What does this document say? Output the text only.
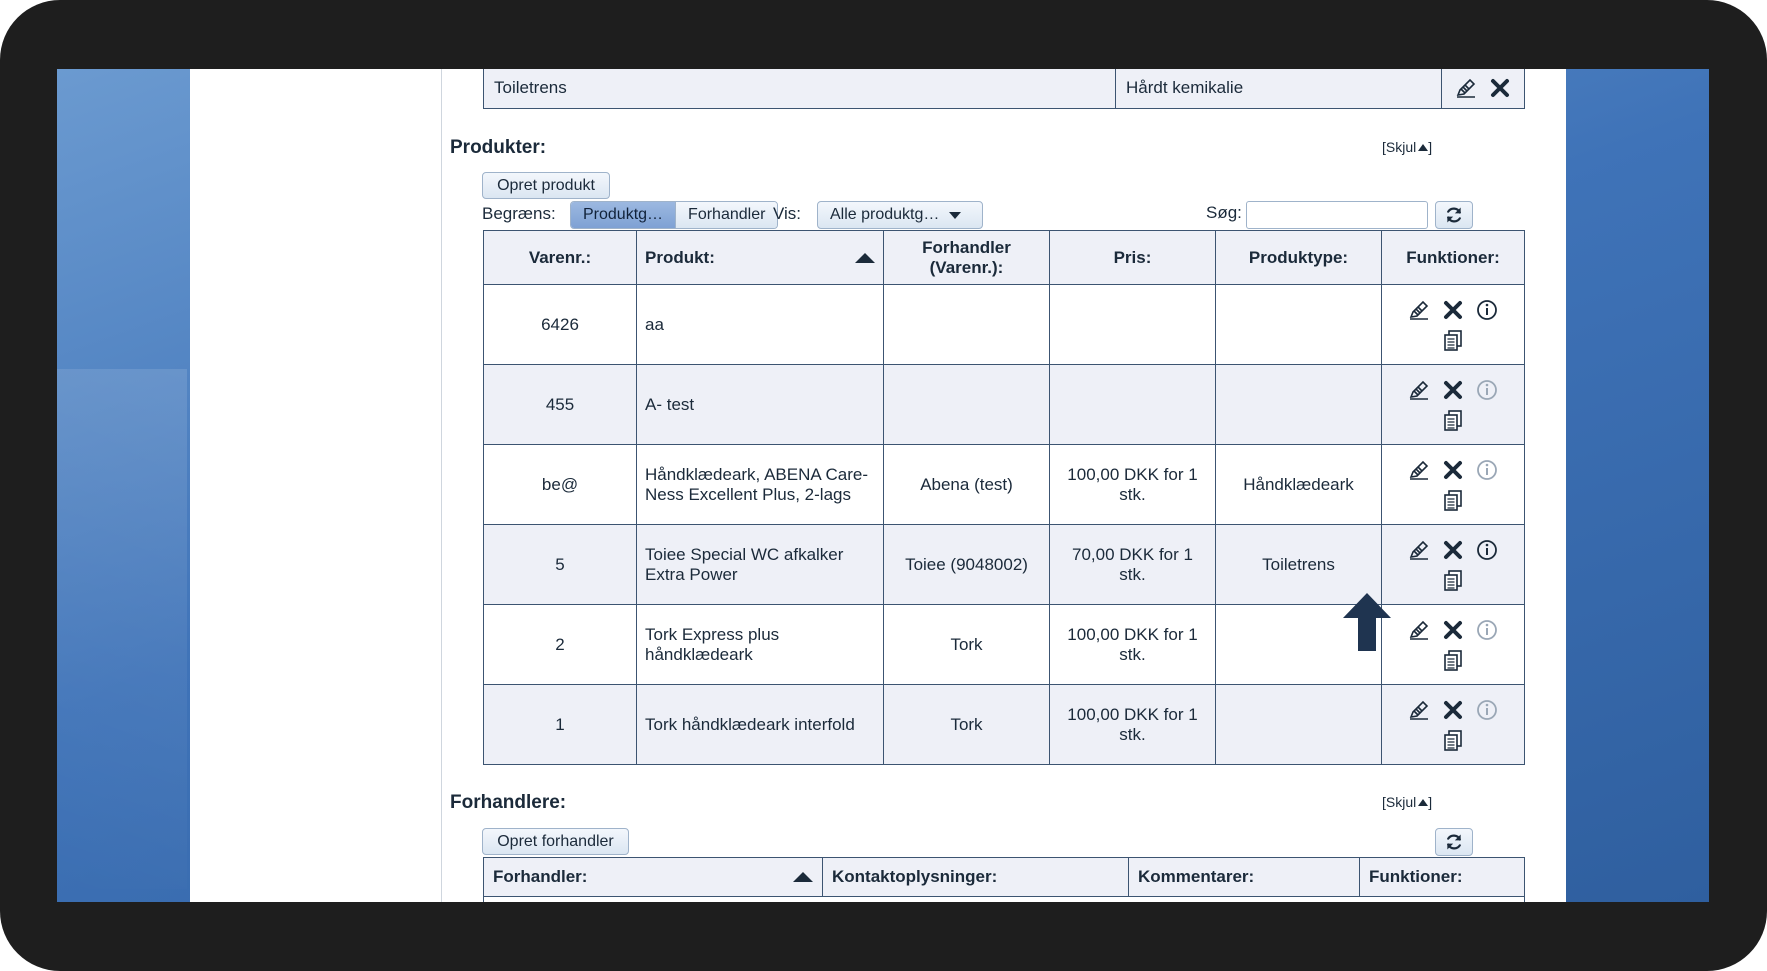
Toiletrens	Hårdt kemikalie	
Produkter:	[Skjul ]
Opret produkt
Begræns:	Produktg…	Forhandler Vis: Alle produktg…	Søg:
Varenr.:	Produkt:	Forhandler (Varenr.):	Pris:	Produktype:	Funktioner:
6426	aa				

455	A- test				

be@	Håndklædeark, ABENA Care-Ness Excellent Plus, 2-lags	Abena (test)	100,00 DKK for 1 stk.	Håndklædeark	

5	Toiee Special WC afkalker Extra Power	Toiee (9048002)	70,00 DKK for 1 stk.	Toiletrens	

2	Tork Express plus håndklædeark	Tork	100,00 DKK for 1 stk.		

1	Tork håndklædeark interfold	Tork	100,00 DKK for 1 stk.		
Forhandlere:	[Skjul ]
Opret forhandler
Forhandler:	Kontaktoplysninger:	Kommentarer:	Funktioner:
